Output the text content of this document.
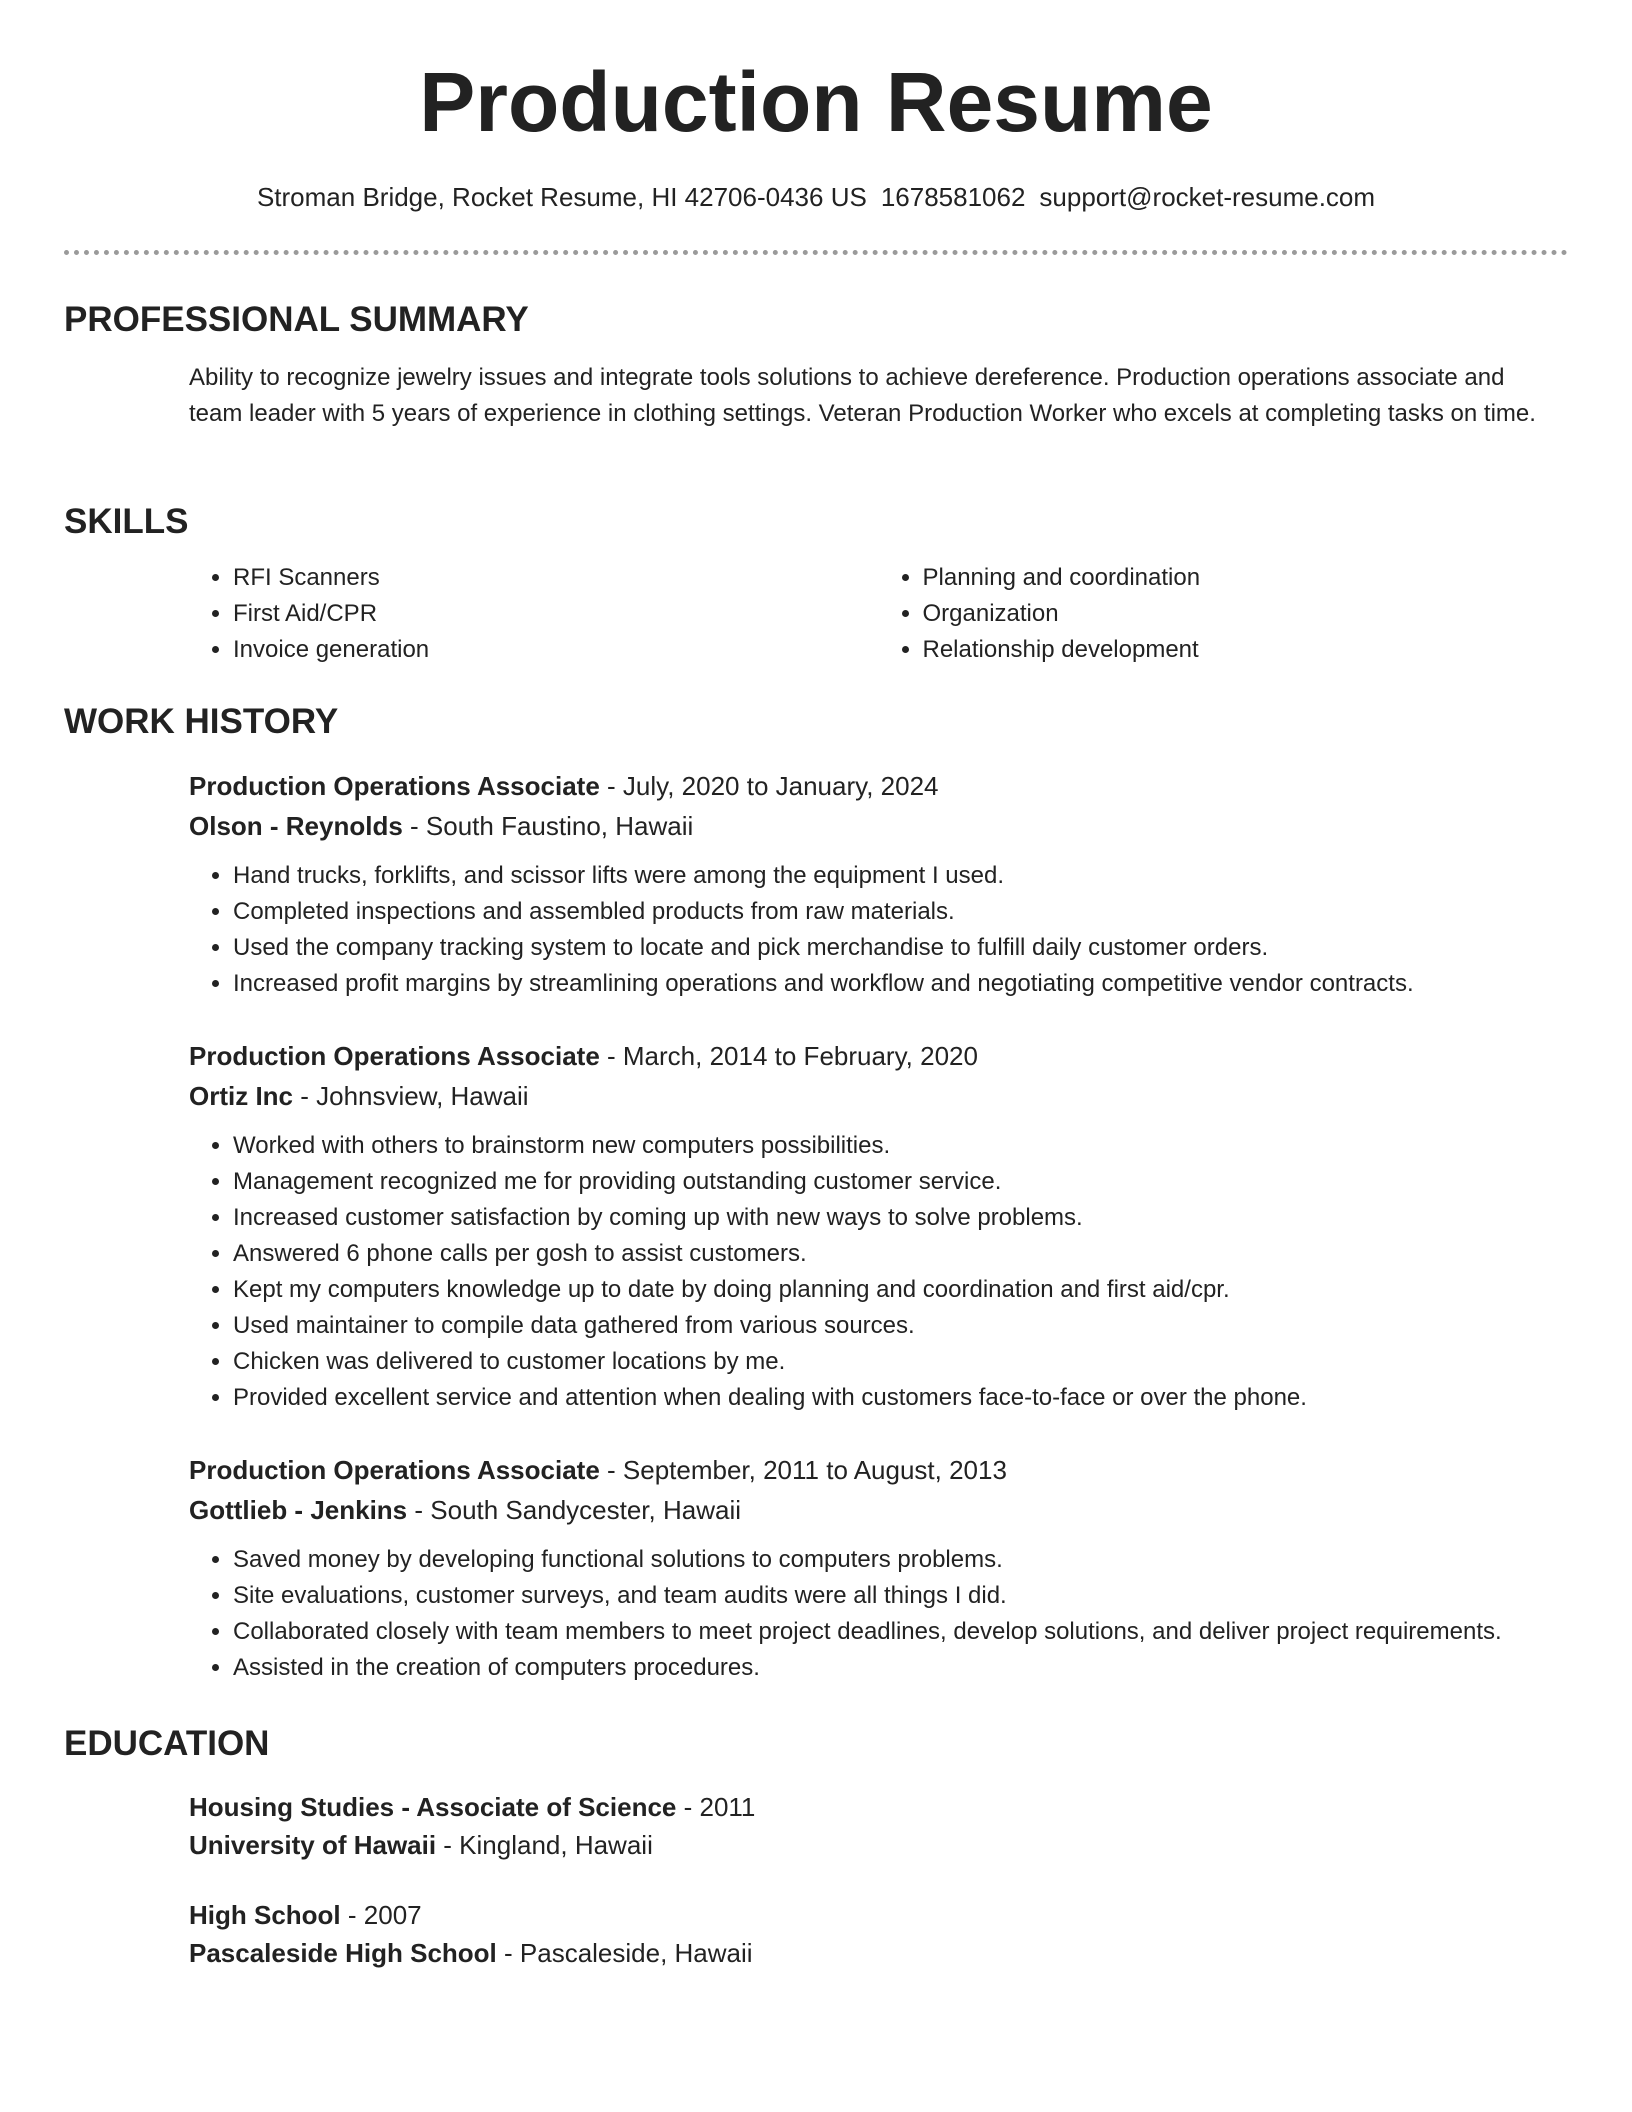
Production Resume
Stroman Bridge, Rocket Resume, HI 42706-0436 US 1678581062 support@rocket-resume.com
PROFESSIONAL SUMMARY

Ability to recognize jewelry issues and integrate tools solutions to achieve dereference. Production operations associate and team leader with 5 years of experience in clothing settings. Veteran Production Worker who excels at completing tasks on time.

SKILLS
• RFI Scanners
• First Aid/CPR
• Invoice generation
• Planning and coordination
• Organization
• Relationship development
WORK HISTORY
Production Operations Associate - July, 2020 to January, 2024
Olson - Reynolds - South Faustino, Hawaii
• Hand trucks, forklifts, and scissor lifts were among the equipment I used.
• Completed inspections and assembled products from raw materials.
• Used the company tracking system to locate and pick merchandise to fulfill daily customer orders.
• Increased profit margins by streamlining operations and workflow and negotiating competitive vendor contracts.
Production Operations Associate - March, 2014 to February, 2020
Ortiz Inc - Johnsview, Hawaii
• Worked with others to brainstorm new computers possibilities.
• Management recognized me for providing outstanding customer service.
• Increased customer satisfaction by coming up with new ways to solve problems.
• Answered 6 phone calls per gosh to assist customers.
• Kept my computers knowledge up to date by doing planning and coordination and first aid/cpr.
• Used maintainer to compile data gathered from various sources.
• Chicken was delivered to customer locations by me.
• Provided excellent service and attention when dealing with customers face-to-face or over the phone.
Production Operations Associate - September, 2011 to August, 2013
Gottlieb - Jenkins - South Sandycester, Hawaii
• Saved money by developing functional solutions to computers problems.
• Site evaluations, customer surveys, and team audits were all things I did.
• Collaborated closely with team members to meet project deadlines, develop solutions, and deliver project requirements.
• Assisted in the creation of computers procedures.
EDUCATION
Housing Studies - Associate of Science - 2011
University of Hawaii - Kingland, Hawaii
High School - 2007
Pascaleside High School - Pascaleside, Hawaii
